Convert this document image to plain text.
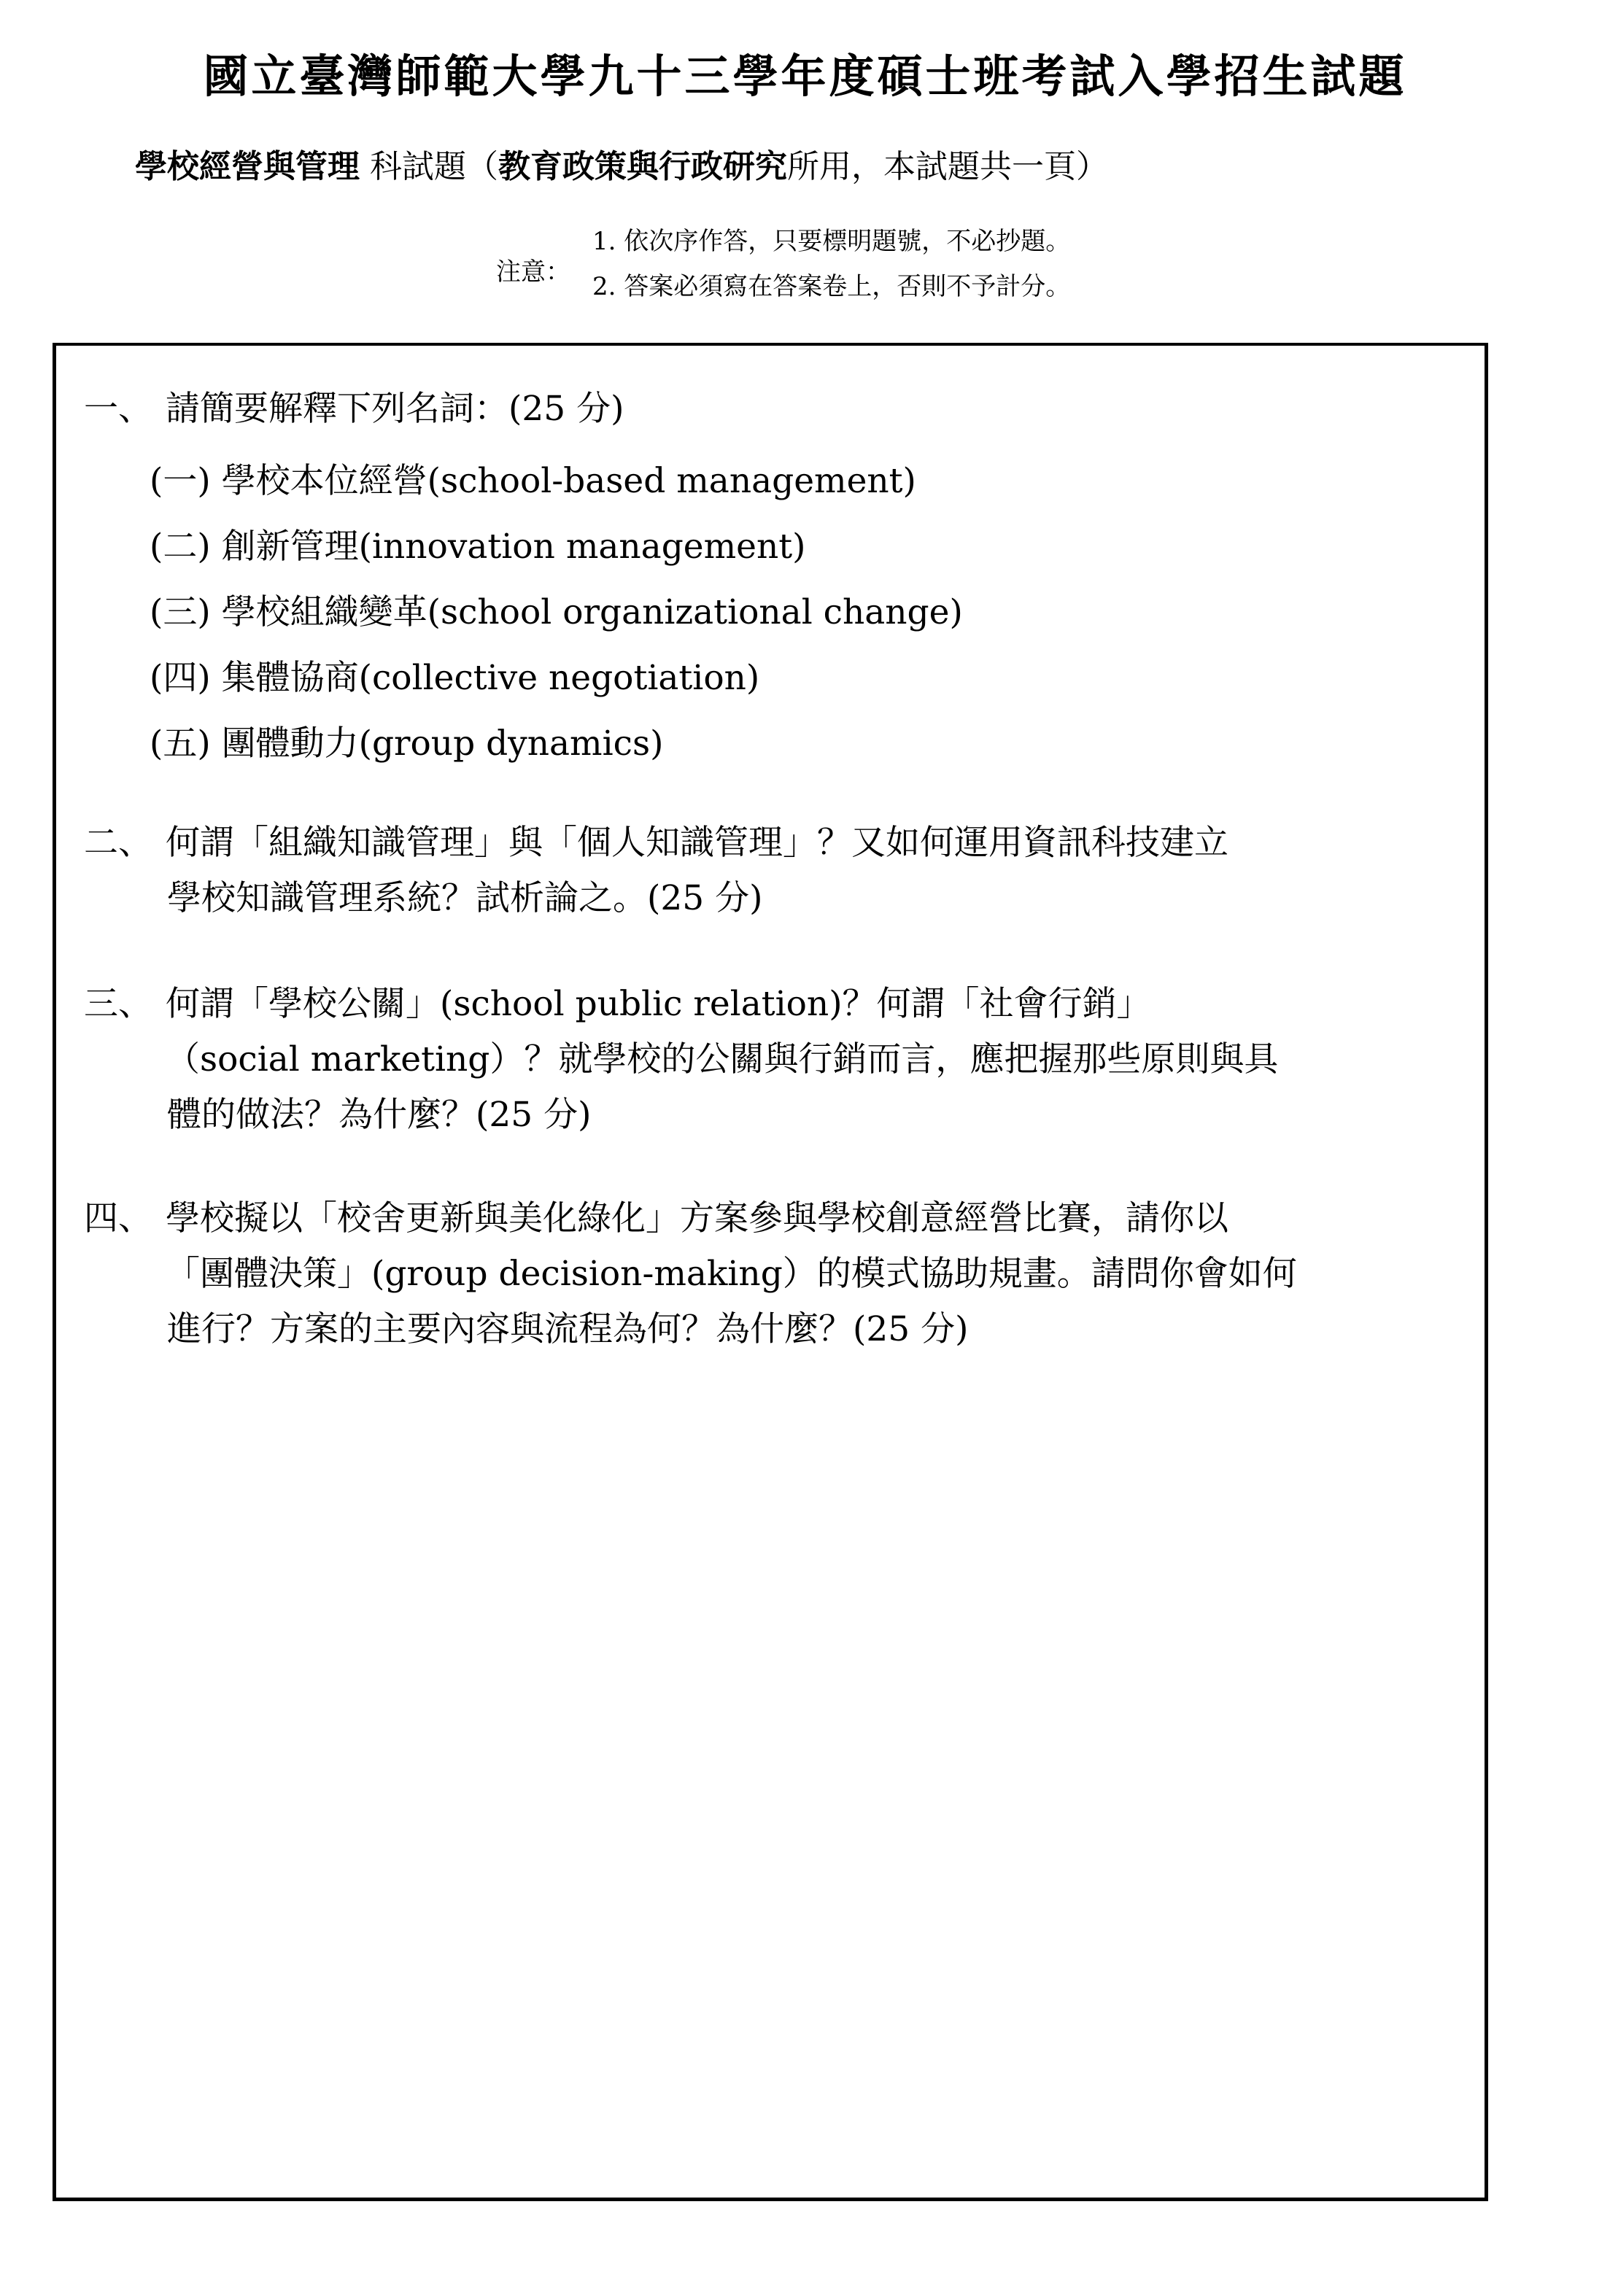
國立臺灣師範大學九十三學年度碩士班考試入學招生試題
學校經營與管理 科試題（教育政策與行政研究所用，本試題共一頁）
注意：
1. 依次序作答，只要標明題號，不必抄題。
2. 答案必須寫在答案卷上，否則不予計分。
一、 請簡要解釋下列名詞：(25 分)
(一) 學校本位經營(school-based management)
(二) 創新管理(innovation management)
(三) 學校組織變革(school organizational change)
(四) 集體協商(collective negotiation)
(五) 團體動力(group dynamics)
二、 何謂「組織知識管理」與「個人知識管理」？又如何運用資訊科技建立
學校知識管理系統？試析論之。(25 分)
三、 何謂「學校公關」(school public relation)？何謂「社會行銷」
（social marketing）？就學校的公關與行銷而言，應把握那些原則與具
體的做法？為什麼？(25 分)
四、 學校擬以「校舍更新與美化綠化」方案參與學校創意經營比賽，請你以
「團體決策」(group decision-making）的模式協助規畫。請問你會如何
進行？方案的主要內容與流程為何？為什麼？(25 分)
